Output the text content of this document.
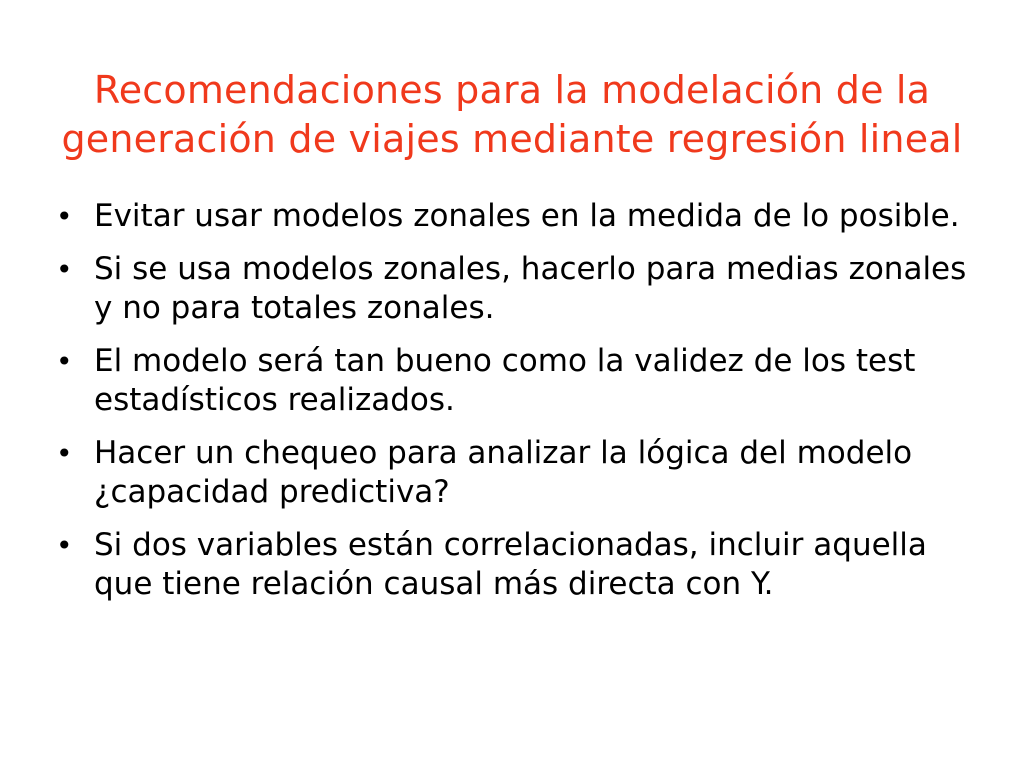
Recomendaciones para la modelación de la
generación de viajes mediante regresión lineal
• Evitar usar modelos zonales en la medida de lo posible.
• Si se usa modelos zonales, hacerlo para medias zonales y no para totales zonales.
• El modelo será tan bueno como la validez de los test estadísticos realizados.
• Hacer un chequeo para analizar la lógica del modelo ¿capacidad predictiva?
• Si dos variables están correlacionadas, incluir aquella que tiene relación causal más directa con Y.
